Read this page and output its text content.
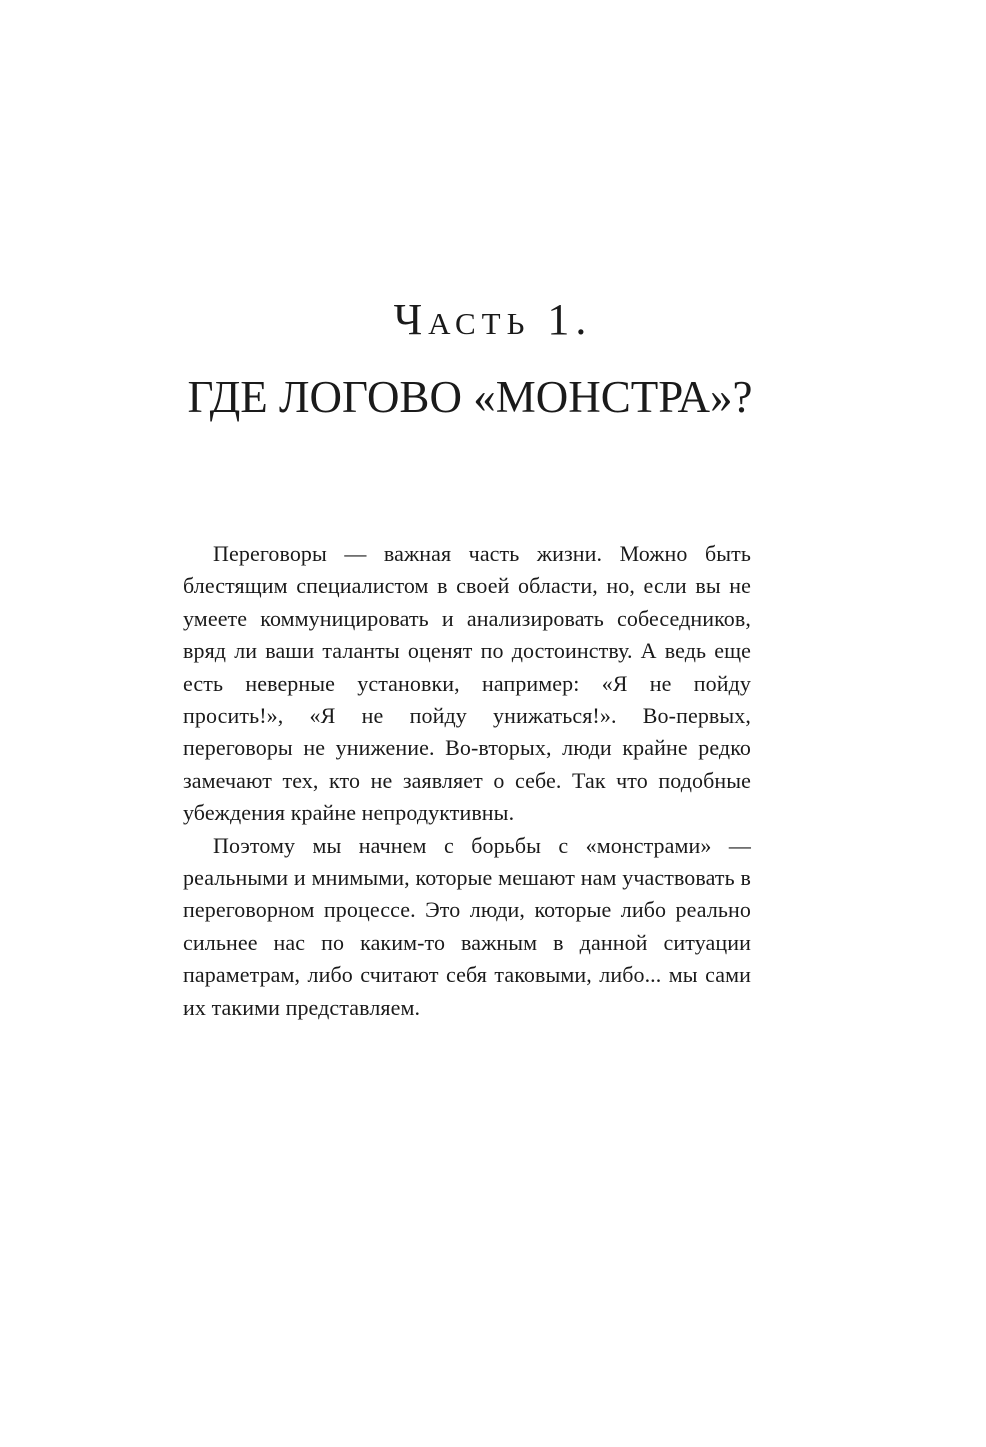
Часть 1.
ГДЕ ЛОГОВО «МОНСТРА»?

Переговоры — важная часть жизни. Можно быть блестящим специалистом в своей области, но, если вы не умеете коммуницировать и анализировать собеседников, вряд ли ваши таланты оценят по достоинству. А ведь еще есть неверные установки, например: «Я не пойду просить!», «Я не пойду унижаться!». Во-первых, переговоры не унижение. Во-вторых, люди крайне редко замечают тех, кто не заявляет о себе. Так что подобные убеждения крайне непродуктивны.

Поэтому мы начнем с борьбы с «монстрами» — реальными и мнимыми, которые мешают нам участвовать в переговорном процессе. Это люди, которые либо реально сильнее нас по каким-то важным в данной ситуации параметрам, либо считают себя таковыми, либо... мы сами их такими представляем.
